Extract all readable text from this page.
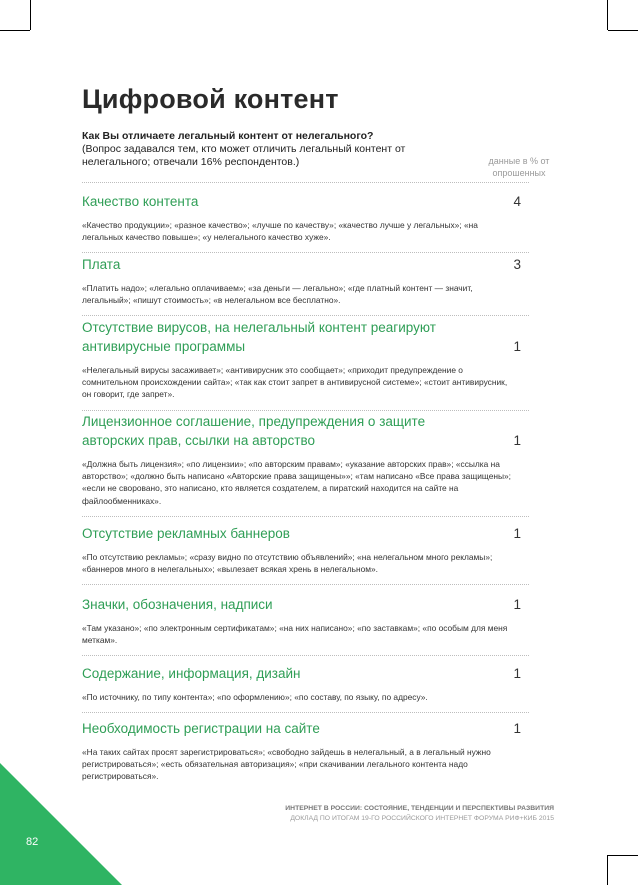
Цифровой контент
Как Вы отличаете легальный контент от нелегального?
(Вопрос задавался тем, кто может отличить легальный контент от нелегального; отвечали 16% респондентов.)	данные в % от опрошенных
Качество контента	4
«Качество продукции»; «разное качество»; «лучше по качеству»; «качество лучше у легальных»; «на легальных качество повыше»; «у нелегального качество хуже».
Плата	3
«Платить надо»; «легально оплачиваем»; «за деньги — легально»; «где платный контент — значит, легальный»; «пишут стоимость»; «в нелегальном все бесплатно».
Отсутствие вирусов, на нелегальный контент реагируют антивирусные программы	1
«Нелегальный вирусы засаживает»; «антивирусник это сообщает»; «приходит предупреждение о сомнительном происхождении сайта»; «так как стоит запрет в антивирусной системе»; «стоит антивирусник, он говорит, где запрет».
Лицензионное соглашение, предупреждения о защите авторских прав, ссылки на авторство	1
«Должна быть лицензия»; «по лицензии»; «по авторским правам»; «указание авторских прав»; «ссылка на авторство»; «должно быть написано «Авторские права защищены»»; «там написано «Все права защищены»; «если не своровано, это написано, кто является создателем, а пиратский находится на сайте на файлообменниках».
Отсутствие рекламных баннеров	1
«По отсутствию рекламы»; «сразу видно по отсутствию объявлений»; «на нелегальном много рекламы»; «баннеров много в нелегальных»; «вылезает всякая хрень в нелегальном».
Значки, обозначения, надписи	1
«Там указано»; «по электронным сертификатам»; «на них написано»; «по заставкам»; «по особым для меня меткам».
Содержание, информация, дизайн	1
«По источнику, по типу контента»; «по оформлению»; «по составу, по языку, по адресу».
Необходимость регистрации на сайте	1
«На таких сайтах просят зарегистрироваться»; «свободно зайдешь в нелегальный, а в легальный нужно регистрироваться»; «есть обязательная авторизация»; «при скачивании легального контента надо регистрироваться».
ИНТЕРНЕТ В РОССИИ: СОСТОЯНИЕ, ТЕНДЕНЦИИ И ПЕРСПЕКТИВЫ РАЗВИТИЯ
ДОКЛАД ПО ИТОГАМ 19-ГО РОССИЙСКОГО ИНТЕРНЕТ ФОРУМА РИФ+КИБ 2015
82
